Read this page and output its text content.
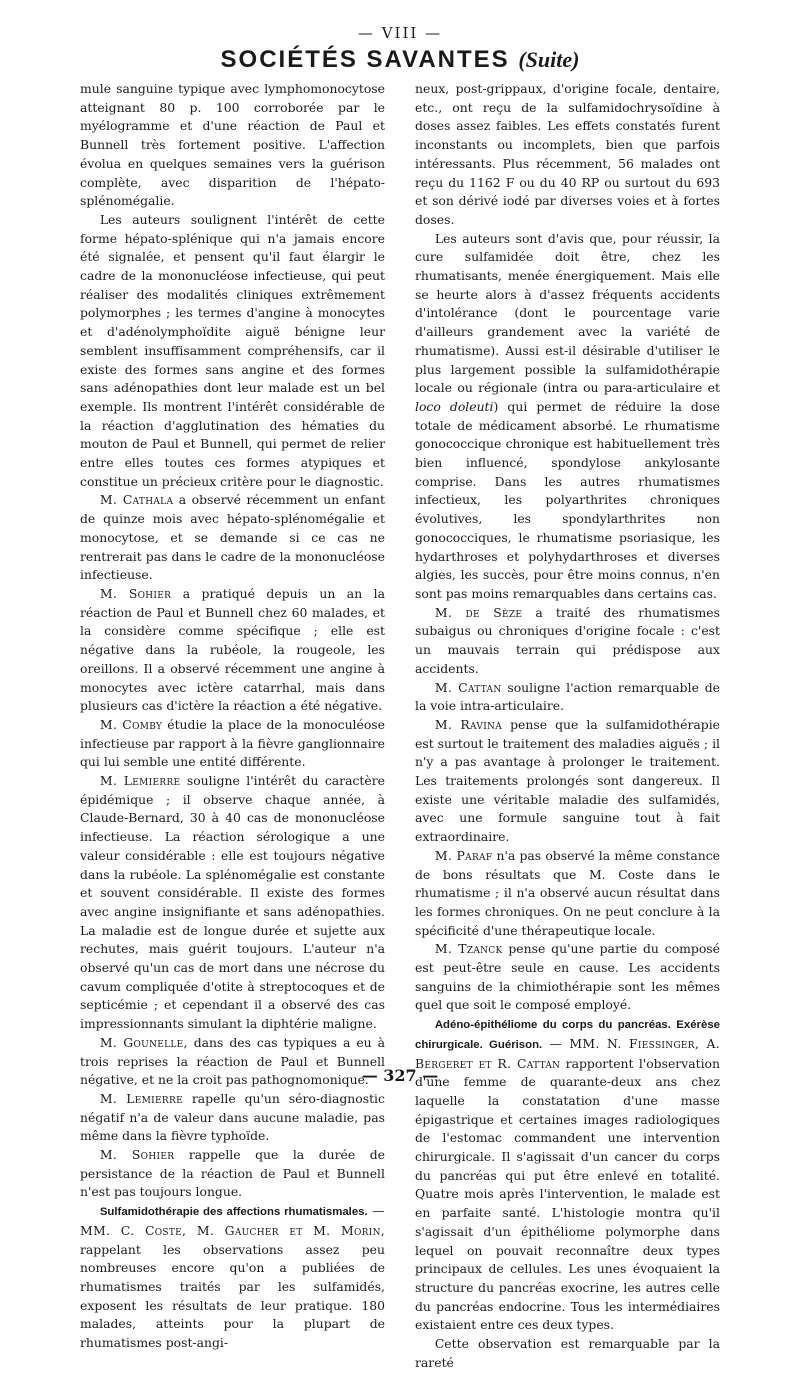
— VIII —
SOCIÉTÉS SAVANTES (Suite)

mule sanguine typique avec lymphomonocytose atteignant 80 p. 100 corroborée par le myélogramme et d'une réaction de Paul et Bunnell très fortement positive. L'affection évolua en quelques semaines vers la guérison complète, avec disparition de l'hépato-splénomégalie.

Les auteurs soulignent l'intérêt de cette forme hépato-splénique qui n'a jamais encore été signalée, et pensent qu'il faut élargir le cadre de la mononucléose infectieuse, qui peut réaliser des modalités cliniques extrêmement polymorphes ; les termes d'angine à monocytes et d'adénolymphoïdite aiguë bénigne leur semblent insuffisamment compréhensifs, car il existe des formes sans angine et des formes sans adénopathies dont leur malade est un bel exemple. Ils montrent l'intérêt considérable de la réaction d'agglutination des hématies du mouton de Paul et Bunnell, qui permet de relier entre elles toutes ces formes atypiques et constitue un précieux critère pour le diagnostic.

M. Cathala a observé récemment un enfant de quinze mois avec hépato-splénomégalie et monocytose, et se demande si ce cas ne rentrerait pas dans le cadre de la mononucléose infectieuse.

M. Sohier a pratiqué depuis un an la réaction de Paul et Bunnell chez 60 malades, et la considère comme spécifique ; elle est négative dans la rubéole, la rougeole, les oreillons. Il a observé récemment une angine à monocytes avec ictère catarrhal, mais dans plusieurs cas d'ictère la réaction a été négative.

M. Comby étudie la place de la monoculéose infectieuse par rapport à la fièvre ganglionnaire qui lui semble une entité différente.

M. Lemierre souligne l'intérêt du caractère épidémique ; il observe chaque année, à Claude-Bernard, 30 à 40 cas de mononucléose infectieuse. La réaction sérologique a une valeur considérable : elle est toujours négative dans la rubéole. La splénomégalie est constante et souvent considérable. Il existe des formes avec angine insignifiante et sans adénopathies. La maladie est de longue durée et sujette aux rechutes, mais guérit toujours. L'auteur n'a observé qu'un cas de mort dans une nécrose du cavum compliquée d'otite à streptocoques et de septicémie ; et cependant il a observé des cas impressionnants simulant la diphtérie maligne.

M. Gounelle, dans des cas typiques a eu à trois reprises la réaction de Paul et Bunnell négative, et ne la croit pas pathognomonique.

M. Lemierre rapelle qu'un séro-diagnostic négatif n'a de valeur dans aucune maladie, pas même dans la fièvre typhoïde.

M. Sohier rappelle que la durée de persistance de la réaction de Paul et Bunnell n'est pas toujours longue.

Sulfamidothérapie des affections rhumatismales. — MM. C. Coste, M. Gaucher et M. Morin, rappelant les observations assez peu nombreuses encore qu'on a publiées de rhumatismes traités par les sulfamidés, exposent les résultats de leur pratique. 180 malades, atteints pour la plupart de rhumatismes post-angi-

neux, post-grippaux, d'origine focale, dentaire, etc., ont reçu de la sulfamidochrysoïdine à doses assez faibles. Les effets constatés furent inconstants ou incomplets, bien que parfois intéressants. Plus récemment, 56 malades ont reçu du 1162 F ou du 40 RP ou surtout du 693 et son dérivé iodé par diverses voies et à fortes doses.

Les auteurs sont d'avis que, pour réussir, la cure sulfamidée doit être, chez les rhumatisants, menée énergiquement. Mais elle se heurte alors à d'assez fréquents accidents d'intolérance (dont le pourcentage varie d'ailleurs grandement avec la variété de rhumatisme). Aussi est-il désirable d'utiliser le plus largement possible la sulfamidothérapie locale ou régionale (intra ou para-articulaire et loco doleuti) qui permet de réduire la dose totale de médicament absorbé. Le rhumatisme gonococcique chronique est habituellement très bien influencé, spondylose ankylosante comprise. Dans les autres rhumatismes infectieux, les polyarthrites chroniques évolutives, les spondylarthrites non gonococciques, le rhumatisme psoriasique, les hydarthroses et polyhydarthroses et diverses algies, les succès, pour être moins connus, n'en sont pas moins remarquables dans certains cas.

M. de Sèze a traité des rhumatismes subaigus ou chroniques d'origine focale : c'est un mauvais terrain qui prédispose aux accidents.

M. Cattan souligne l'action remarquable de la voie intra-articulaire.

M. Ravina pense que la sulfamidothérapie est surtout le traitement des maladies aiguës ; il n'y a pas avantage à prolonger le traitement. Les traitements prolongés sont dangereux. Il existe une véritable maladie des sulfamidés, avec une formule sanguine tout à fait extraordinaire.

M. Paraf n'a pas observé la même constance de bons résultats que M. Coste dans le rhumatisme ; il n'a observé aucun résultat dans les formes chroniques. On ne peut conclure à la spécificité d'une thérapeutique locale.

M. Tzanck pense qu'une partie du composé est peut-être seule en cause. Les accidents sanguins de la chimiothérapie sont les mêmes quel que soit le composé employé.

Adéno-épithéliome du corps du pancréas. Exérèse chirurgicale. Guérison. — MM. N. Fiessinger, A. Bergeret et R. Cattan rapportent l'observation d'une femme de quarante-deux ans chez laquelle la constatation d'une masse épigastrique et certaines images radiologiques de l'estomac commandent une intervention chirurgicale. Il s'agissait d'un cancer du corps du pancréas qui put être enlevé en totalité. Quatre mois après l'intervention, le malade est en parfaite santé. L'histologie montra qu'il s'agissait d'un épithéliome polymorphe dans lequel on pouvait reconnaître deux types principaux de cellules. Les unes évoquaient la structure du pancréas exocrine, les autres celle du pancréas endocrine. Tous les intermédiaires existaient entre ces deux types.

Cette observation est remarquable par la rareté

— 327 —
